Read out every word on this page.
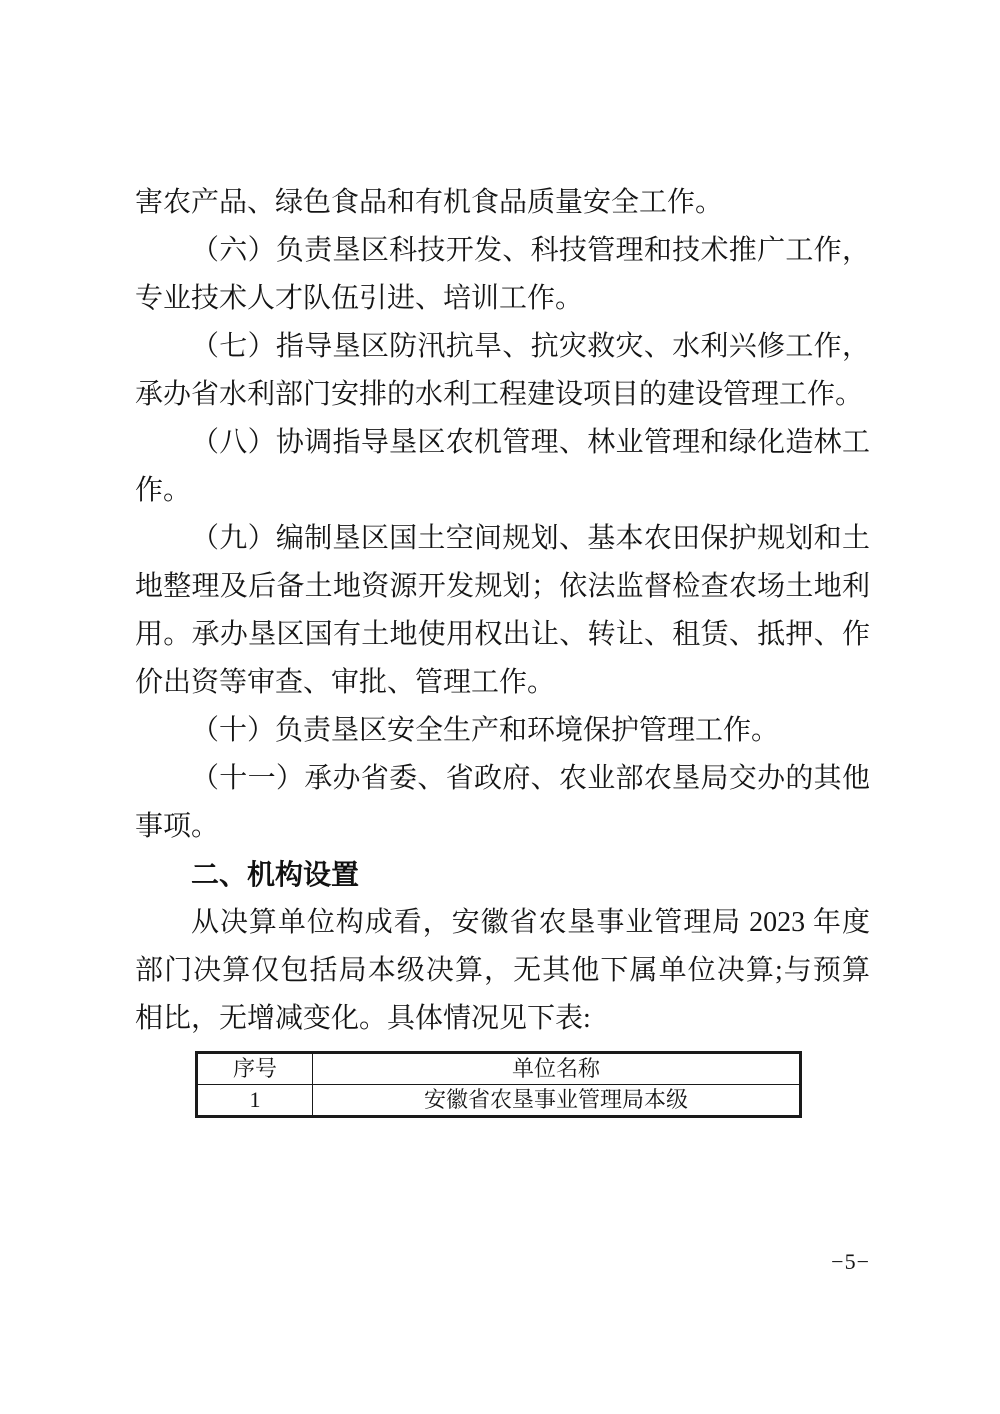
害农产品、绿色食品和有机食品质量安全工作。

（六）负责垦区科技开发、科技管理和技术推广工作，专业技术人才队伍引进、培训工作。

（七）指导垦区防汛抗旱、抗灾救灾、水利兴修工作，承办省水利部门安排的水利工程建设项目的建设管理工作。

（八）协调指导垦区农机管理、林业管理和绿化造林工作。

（九）编制垦区国土空间规划、基本农田保护规划和土地整理及后备土地资源开发规划；依法监督检查农场土地利用。承办垦区国有土地使用权出让、转让、租赁、抵押、作价出资等审查、审批、管理工作。

（十）负责垦区安全生产和环境保护管理工作。

（十一）承办省委、省政府、农业部农垦局交办的其他事项。

二、机构设置

从决算单位构成看，安徽省农垦事业管理局 2023 年度部门决算仅包括局本级决算，无其他下属单位决算;与预算相比，无增减变化。具体情况见下表:

序号	单位名称
1	安徽省农垦事业管理局本级
−5−
